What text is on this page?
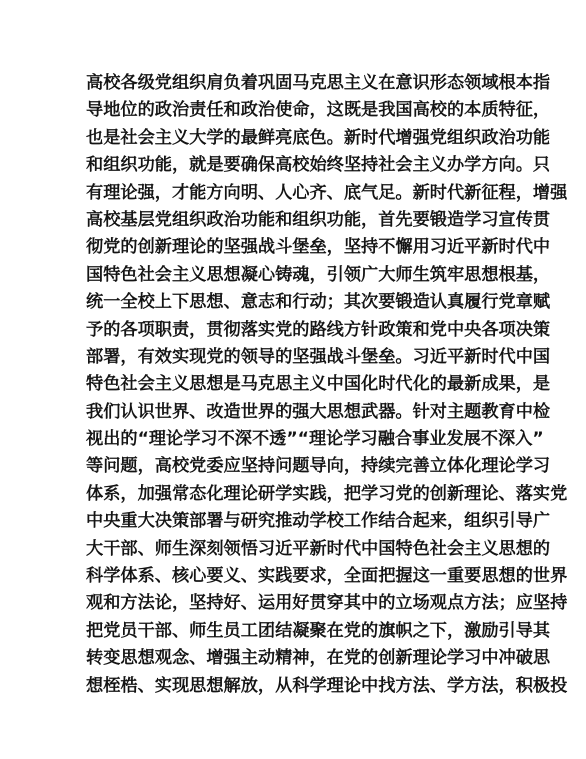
高校各级党组织肩负着巩固马克思主义在意识形态领域根本指
导地位的政治责任和政治使命，这既是我国高校的本质特征，
也是社会主义大学的最鲜亮底色。新时代增强党组织政治功能
和组织功能，就是要确保高校始终坚持社会主义办学方向。只
有理论强，才能方向明、人心齐、底气足。新时代新征程，增强
高校基层党组织政治功能和组织功能，首先要锻造学习宣传贯
彻党的创新理论的坚强战斗堡垒，坚持不懈用习近平新时代中
国特色社会主义思想凝心铸魂，引领广大师生筑牢思想根基，
统一全校上下思想、意志和行动；其次要锻造认真履行党章赋
予的各项职责，贯彻落实党的路线方针政策和党中央各项决策
部署，有效实现党的领导的坚强战斗堡垒。习近平新时代中国
特色社会主义思想是马克思主义中国化时代化的最新成果，是
我们认识世界、改造世界的强大思想武器。针对主题教育中检
视出的“理论学习不深不透”“理论学习融合事业发展不深入”
等问题，高校党委应坚持问题导向，持续完善立体化理论学习
体系，加强常态化理论研学实践，把学习党的创新理论、落实党
中央重大决策部署与研究推动学校工作结合起来，组织引导广
大干部、师生深刻领悟习近平新时代中国特色社会主义思想的
科学体系、核心要义、实践要求，全面把握这一重要思想的世界
观和方法论，坚持好、运用好贯穿其中的立场观点方法；应坚持
把党员干部、师生员工团结凝聚在党的旗帜之下，激励引导其
转变思想观念、增强主动精神，在党的创新理论学习中冲破思
想桎梏、实现思想解放，从科学理论中找方法、学方法，积极投
